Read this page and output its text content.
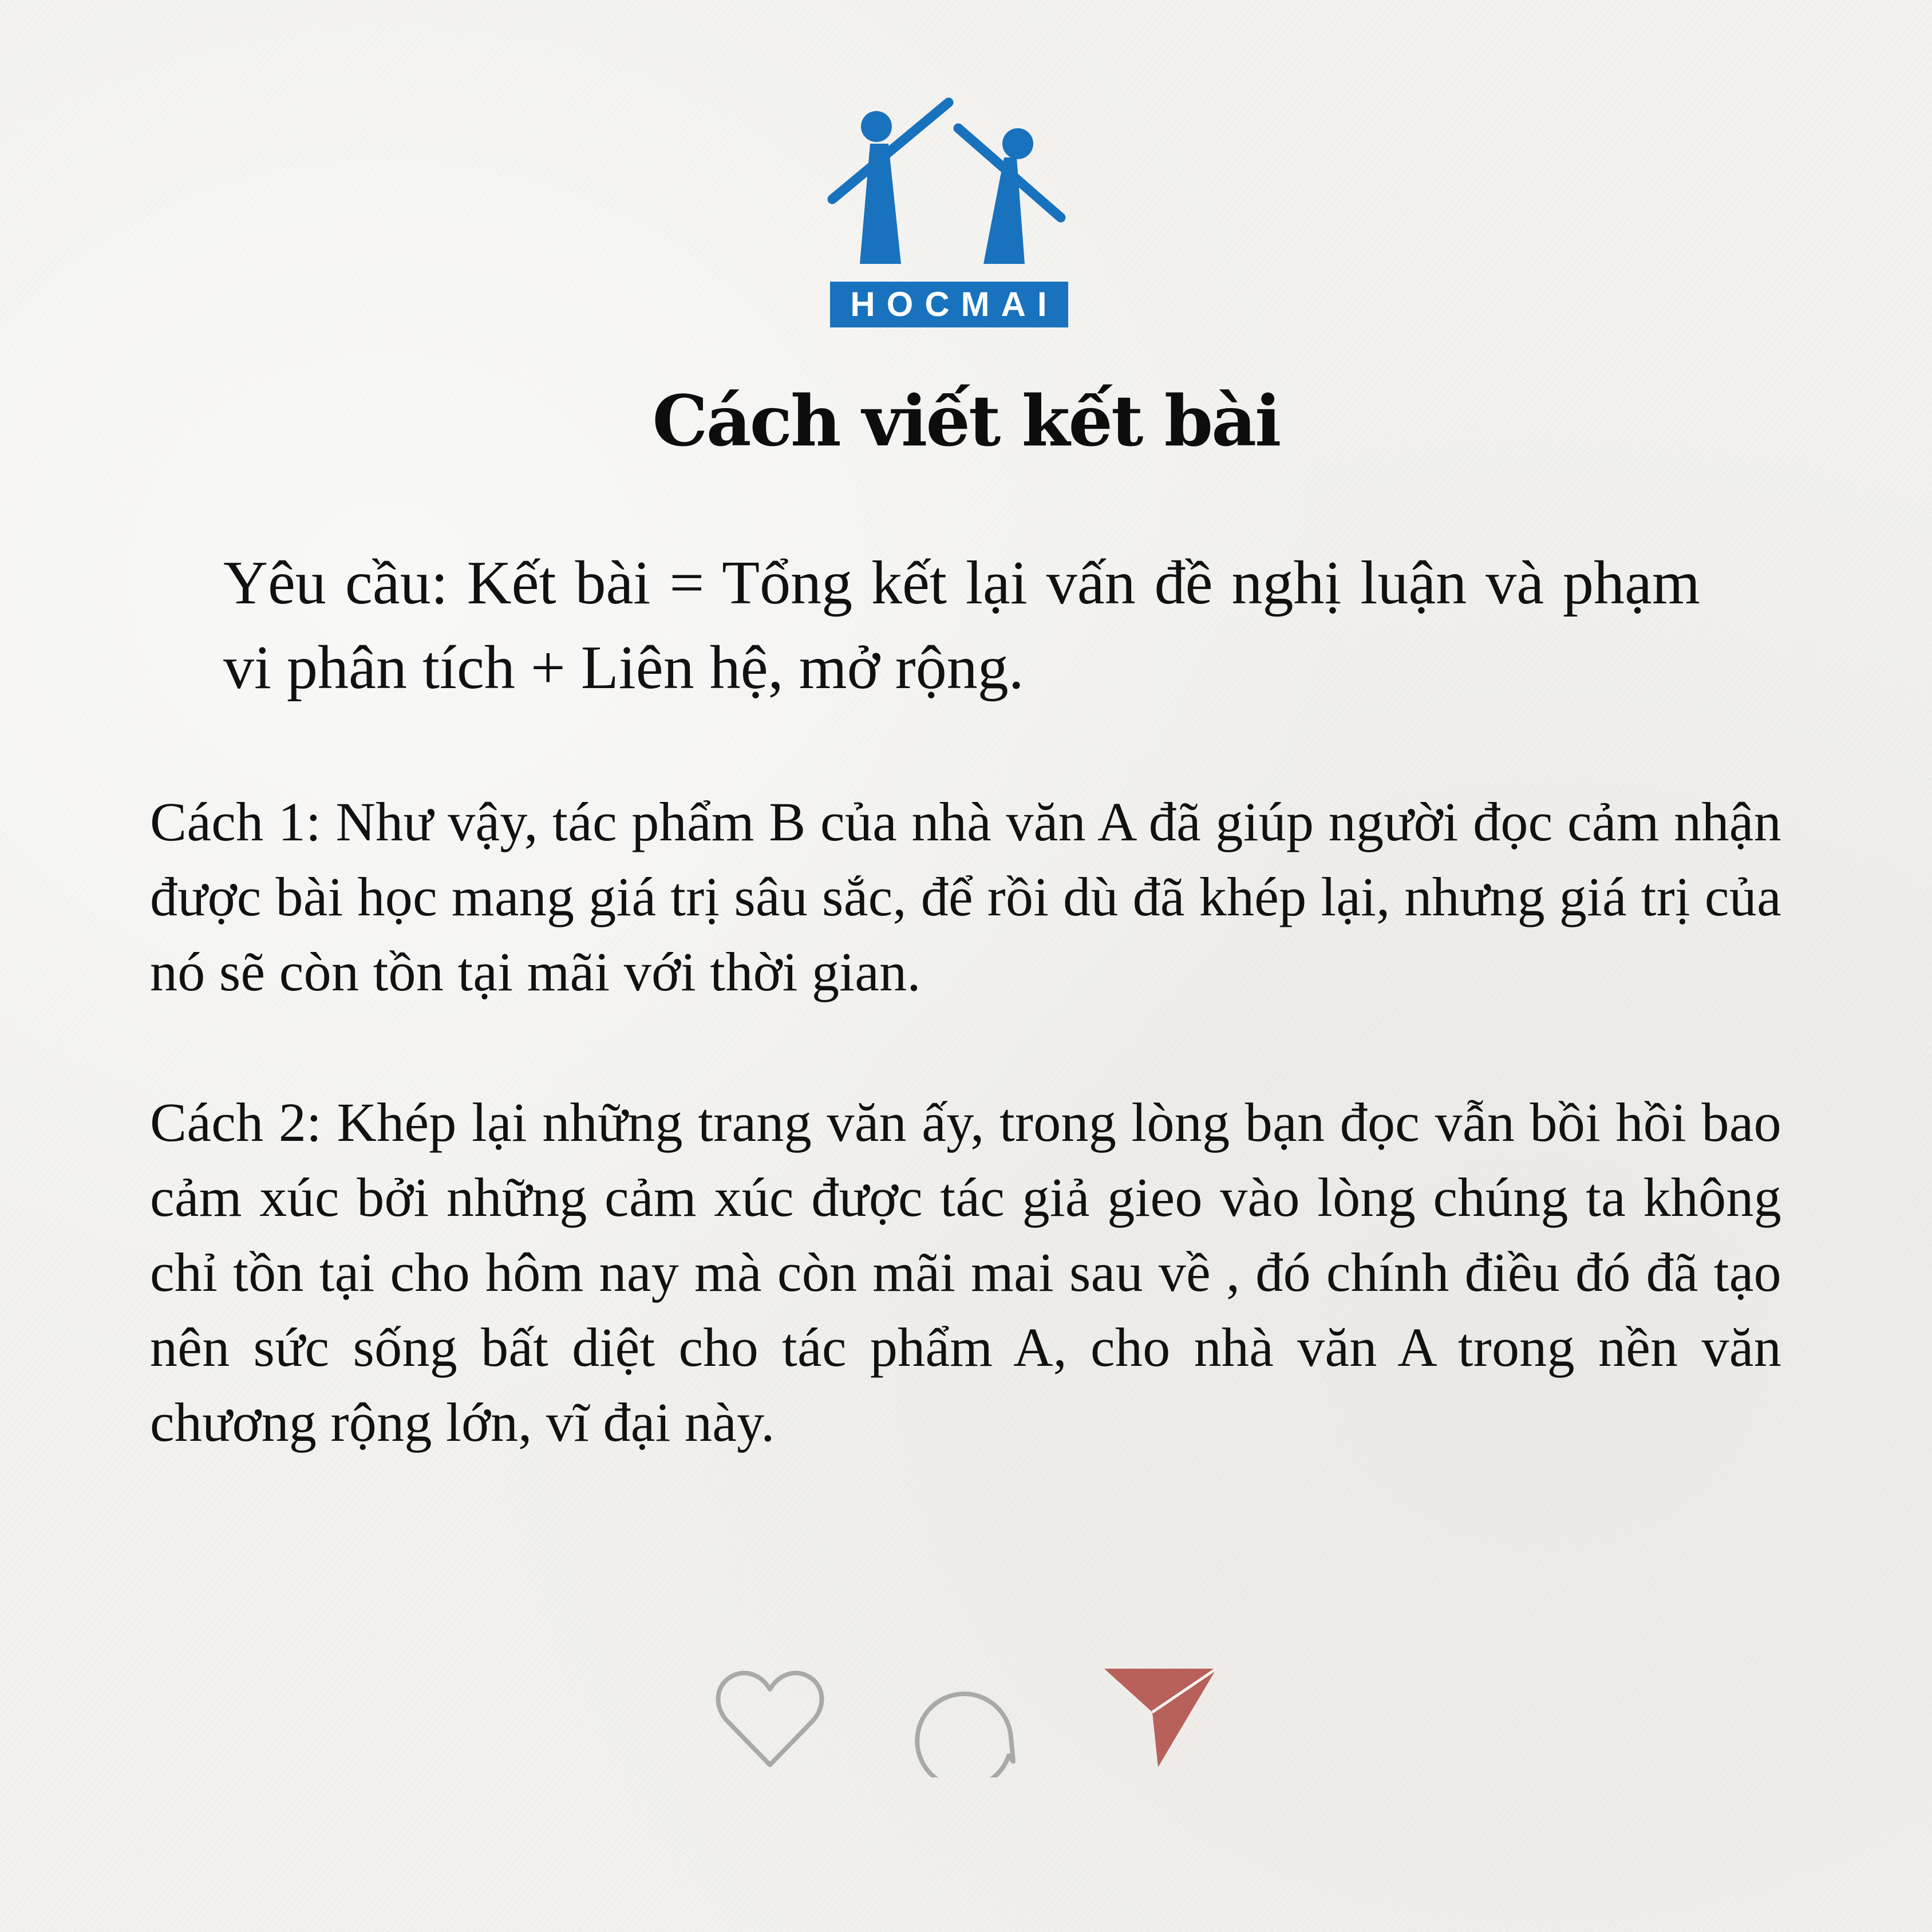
HOCMAI
Cách viết kết bài

Yêu cầu: Kết bài = Tổng kết lại vấn đề nghị luận và phạm vi phân tích + Liên hệ, mở rộng.

Cách 1: Như vậy, tác phẩm B của nhà văn A đã giúp người đọc cảm nhận được bài học mang giá trị sâu sắc, để rồi dù đã khép lại, nhưng giá trị của nó sẽ còn tồn tại mãi với thời gian.

Cách 2: Khép lại những trang văn ấy, trong lòng bạn đọc vẫn bồi hồi bao cảm xúc bởi những cảm xúc được tác giả gieo vào lòng chúng ta không chỉ tồn tại cho hôm nay mà còn mãi mai sau về , đó chính điều đó đã tạo nên sức sống bất diệt cho tác phẩm A, cho nhà văn A trong nền văn chương rộng lớn, vĩ đại này.
